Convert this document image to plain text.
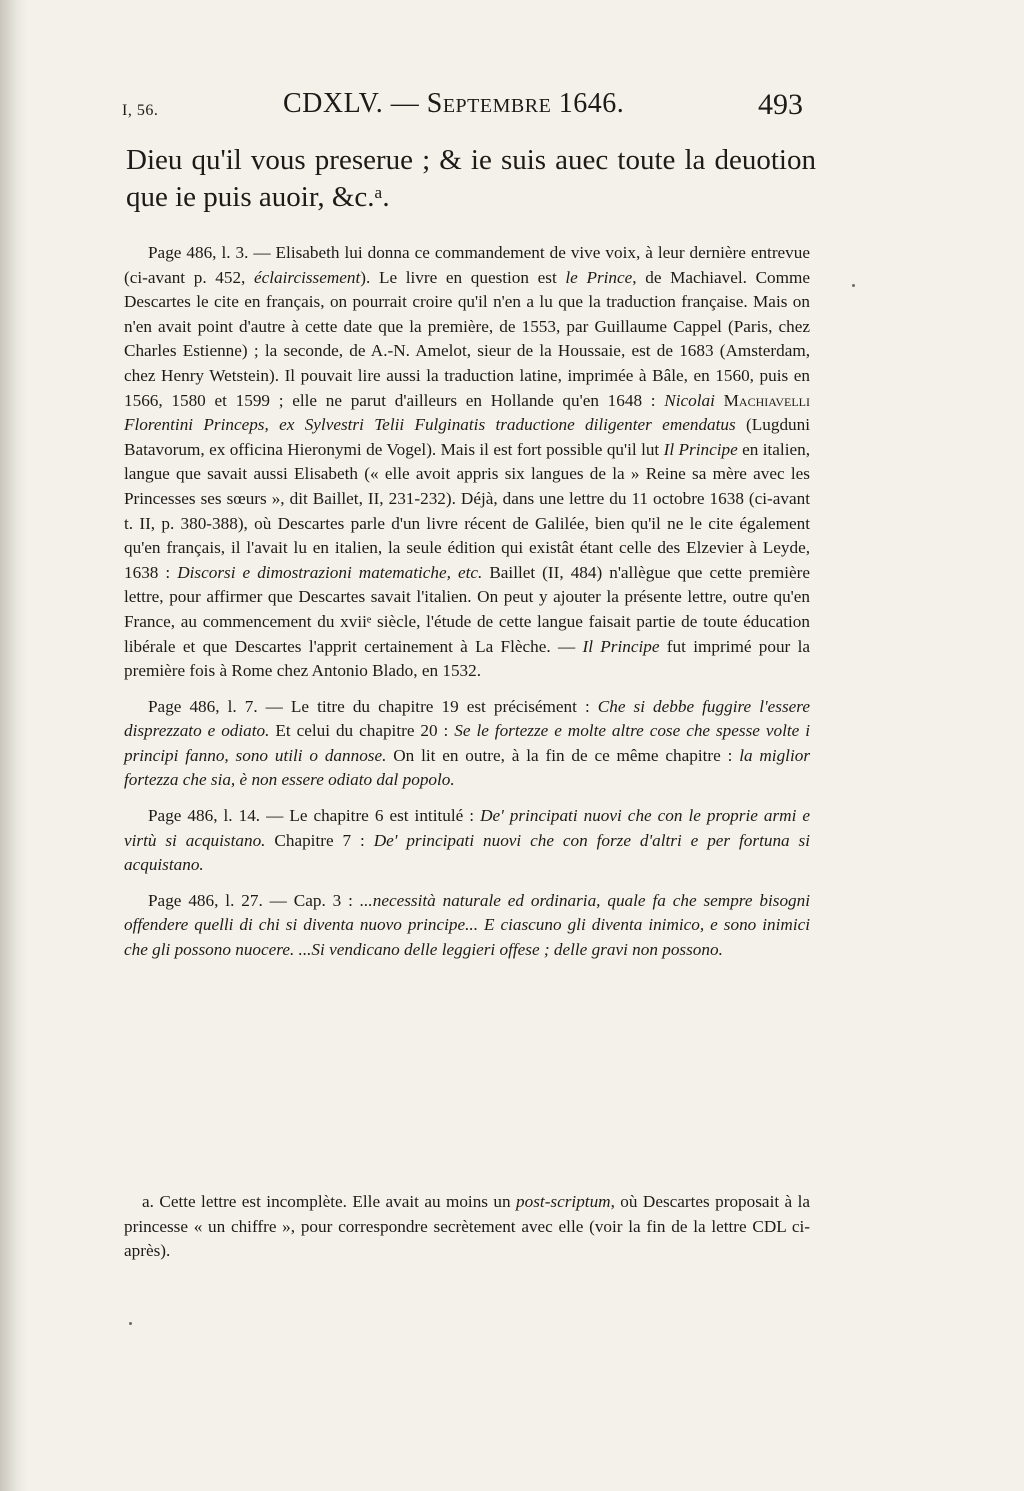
I, 56.	CDXLV. — Septembre 1646.	493
Dieu qu'il vous preserue ; & ie suis auec toute la deuotion que ie puis auoir, &c.ᵃ.

Page 486, l. 3. — Elisabeth lui donna ce commandement de vive voix, à leur dernière entrevue (ci-avant p. 452, éclaircissement). Le livre en question est le Prince, de Machiavel. Comme Descartes le cite en français, on pourrait croire qu'il n'en a lu que la traduction française. Mais on n'en avait point d'autre à cette date que la première, de 1553, par Guillaume Cappel (Paris, chez Charles Estienne) ; la seconde, de A.-N. Amelot, sieur de la Houssaie, est de 1683 (Amsterdam, chez Henry Wetstein). Il pouvait lire aussi la traduction latine, imprimée à Bâle, en 1560, puis en 1566, 1580 et 1599 ; elle ne parut d'ailleurs en Hollande qu'en 1648 : Nicolai Machiavelli Florentini Princeps, ex Sylvestri Telii Fulginatis traductione diligenter emendatus (Lugduni Batavorum, ex officina Hieronymi de Vogel). Mais il est fort possible qu'il lut Il Principe en italien, langue que savait aussi Elisabeth (« elle avoit appris six langues de la » Reine sa mère avec les Princesses ses sœurs », dit Baillet, II, 231-232). Déjà, dans une lettre du 11 octobre 1638 (ci-avant t. II, p. 380-388), où Descartes parle d'un livre récent de Galilée, bien qu'il ne le cite également qu'en français, il l'avait lu en italien, la seule édition qui existât étant celle des Elzevier à Leyde, 1638 : Discorsi e dimostrazioni matematiche, etc. Baillet (II, 484) n'allègue que cette première lettre, pour affirmer que Descartes savait l'italien. On peut y ajouter la présente lettre, outre qu'en France, au commencement du xviiᵉ siècle, l'étude de cette langue faisait partie de toute éducation libérale et que Descartes l'apprit certainement à La Flèche. — Il Principe fut imprimé pour la première fois à Rome chez Antonio Blado, en 1532.

Page 486, l. 7. — Le titre du chapitre 19 est précisément : Che si debbe fuggire l'essere disprezzato e odiato. Et celui du chapitre 20 : Se le fortezze e molte altre cose che spesse volte i principi fanno, sono utili o dannose. On lit en outre, à la fin de ce même chapitre : la miglior fortezza che sia, è non essere odiato dal popolo.

Page 486, l. 14. — Le chapitre 6 est intitulé : De' principati nuovi che con le proprie armi e virtù si acquistano. Chapitre 7 : De' principati nuovi che con forze d'altri e per fortuna si acquistano.

Page 486, l. 27. — Cap. 3 : ...necessità naturale ed ordinaria, quale fa che sempre bisogni offendere quelli di chi si diventa nuovo principe... E ciascuno gli diventa inimico, e sono inimici che gli possono nuocere. ...Si vendicano delle leggieri offese ; delle gravi non possono.

a. Cette lettre est incomplète. Elle avait au moins un post-scriptum, où Descartes proposait à la princesse « un chiffre », pour correspondre secrètement avec elle (voir la fin de la lettre CDL ci-après).
